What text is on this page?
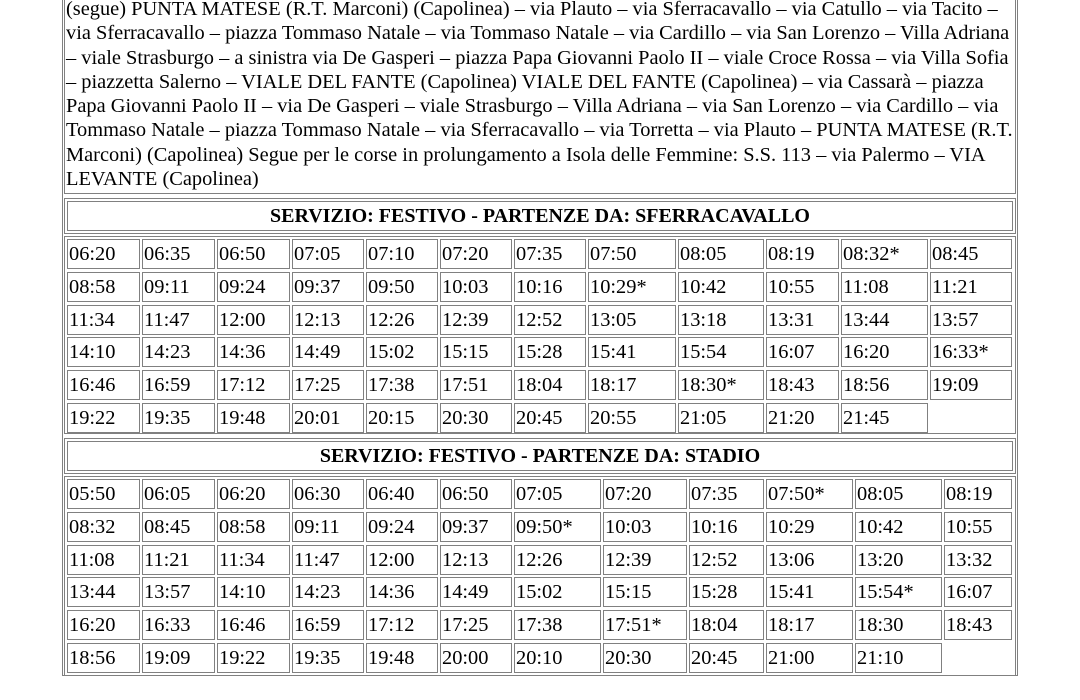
(segue) PUNTA MATESE (R.T. Marconi) (Capolinea) – via Plauto – via Sferracavallo – via Catullo – via Tacito – via Sferracavallo – piazza Tommaso Natale – via Tommaso Natale – via Cardillo – via San Lorenzo – Villa Adriana – viale Strasburgo – a sinistra via De Gasperi – piazza Papa Giovanni Paolo II – viale Croce Rossa – via Villa Sofia – piazzetta Salerno – VIALE DEL FANTE (Capolinea) VIALE DEL FANTE (Capolinea) – via Cassarà – piazza Papa Giovanni Paolo II – via De Gasperi – viale Strasburgo – Villa Adriana – via San Lorenzo – via Cardillo – via Tommaso Natale – piazza Tommaso Natale – via Sferracavallo – via Torretta – via Plauto – PUNTA MATESE (R.T. Marconi) (Capolinea) Segue per le corse in prolungamento a Isola delle Femmine: S.S. 113 – via Palermo – VIA LEVANTE (Capolinea)
SERVIZIO: FESTIVO - PARTENZE DA: SFERRACAVALLO
06:20	06:35	06:50	07:05	07:10	07:20	07:35	07:50	08:05	08:19	08:32*	08:45
08:58	09:11	09:24	09:37	09:50	10:03	10:16	10:29*	10:42	10:55	11:08	11:21
11:34	11:47	12:00	12:13	12:26	12:39	12:52	13:05	13:18	13:31	13:44	13:57
14:10	14:23	14:36	14:49	15:02	15:15	15:28	15:41	15:54	16:07	16:20	16:33*
16:46	16:59	17:12	17:25	17:38	17:51	18:04	18:17	18:30*	18:43	18:56	19:09
19:22	19:35	19:48	20:01	20:15	20:30	20:45	20:55	21:05	21:20	21:45
SERVIZIO: FESTIVO - PARTENZE DA: STADIO
05:50	06:05	06:20	06:30	06:40	06:50	07:05	07:20	07:35	07:50*	08:05	08:19
08:32	08:45	08:58	09:11	09:24	09:37	09:50*	10:03	10:16	10:29	10:42	10:55
11:08	11:21	11:34	11:47	12:00	12:13	12:26	12:39	12:52	13:06	13:20	13:32
13:44	13:57	14:10	14:23	14:36	14:49	15:02	15:15	15:28	15:41	15:54*	16:07
16:20	16:33	16:46	16:59	17:12	17:25	17:38	17:51*	18:04	18:17	18:30	18:43
18:56	19:09	19:22	19:35	19:48	20:00	20:10	20:30	20:45	21:00	21:10
